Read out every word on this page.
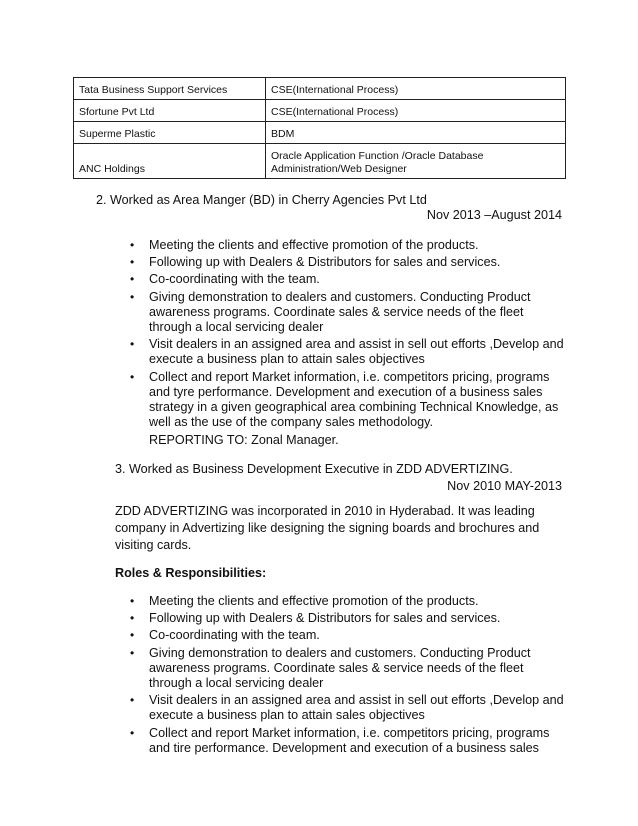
Tata Business Support Services	CSE(International Process)
Sfortune Pvt Ltd	CSE(International Process)
Superme Plastic	BDM
ANC Holdings	Oracle Application Function /Oracle Database
Administration/Web Designer
2. Worked as Area Manger (BD) in Cherry Agencies Pvt Ltd
Nov 2013 –August 2014
• Meeting the clients and effective promotion of the products.
• Following up with Dealers & Distributors for sales and services.
• Co-coordinating with the team.
• Giving demonstration to dealers and customers. Conducting Product
awareness programs. Coordinate sales & service needs of the fleet
through a local servicing dealer
• Visit dealers in an assigned area and assist in sell out efforts ,Develop and
execute a business plan to attain sales objectives
• Collect and report Market information, i.e. competitors pricing, programs
and tyre performance. Development and execution of a business sales
strategy in a given geographical area combining Technical Knowledge, as
well as the use of the company sales methodology.
REPORTING TO: Zonal Manager.
3. Worked as Business Development Executive in ZDD ADVERTIZING.
Nov 2010 MAY-2013
ZDD ADVERTIZING was incorporated in 2010 in Hyderabad. It was leading
company in Advertizing like designing the signing boards and brochures and
visiting cards.
Roles & Responsibilities:
• Meeting the clients and effective promotion of the products.
• Following up with Dealers & Distributors for sales and services.
• Co-coordinating with the team.
• Giving demonstration to dealers and customers. Conducting Product
awareness programs. Coordinate sales & service needs of the fleet
through a local servicing dealer
• Visit dealers in an assigned area and assist in sell out efforts ,Develop and
execute a business plan to attain sales objectives
• Collect and report Market information, i.e. competitors pricing, programs
and tire performance. Development and execution of a business sales
